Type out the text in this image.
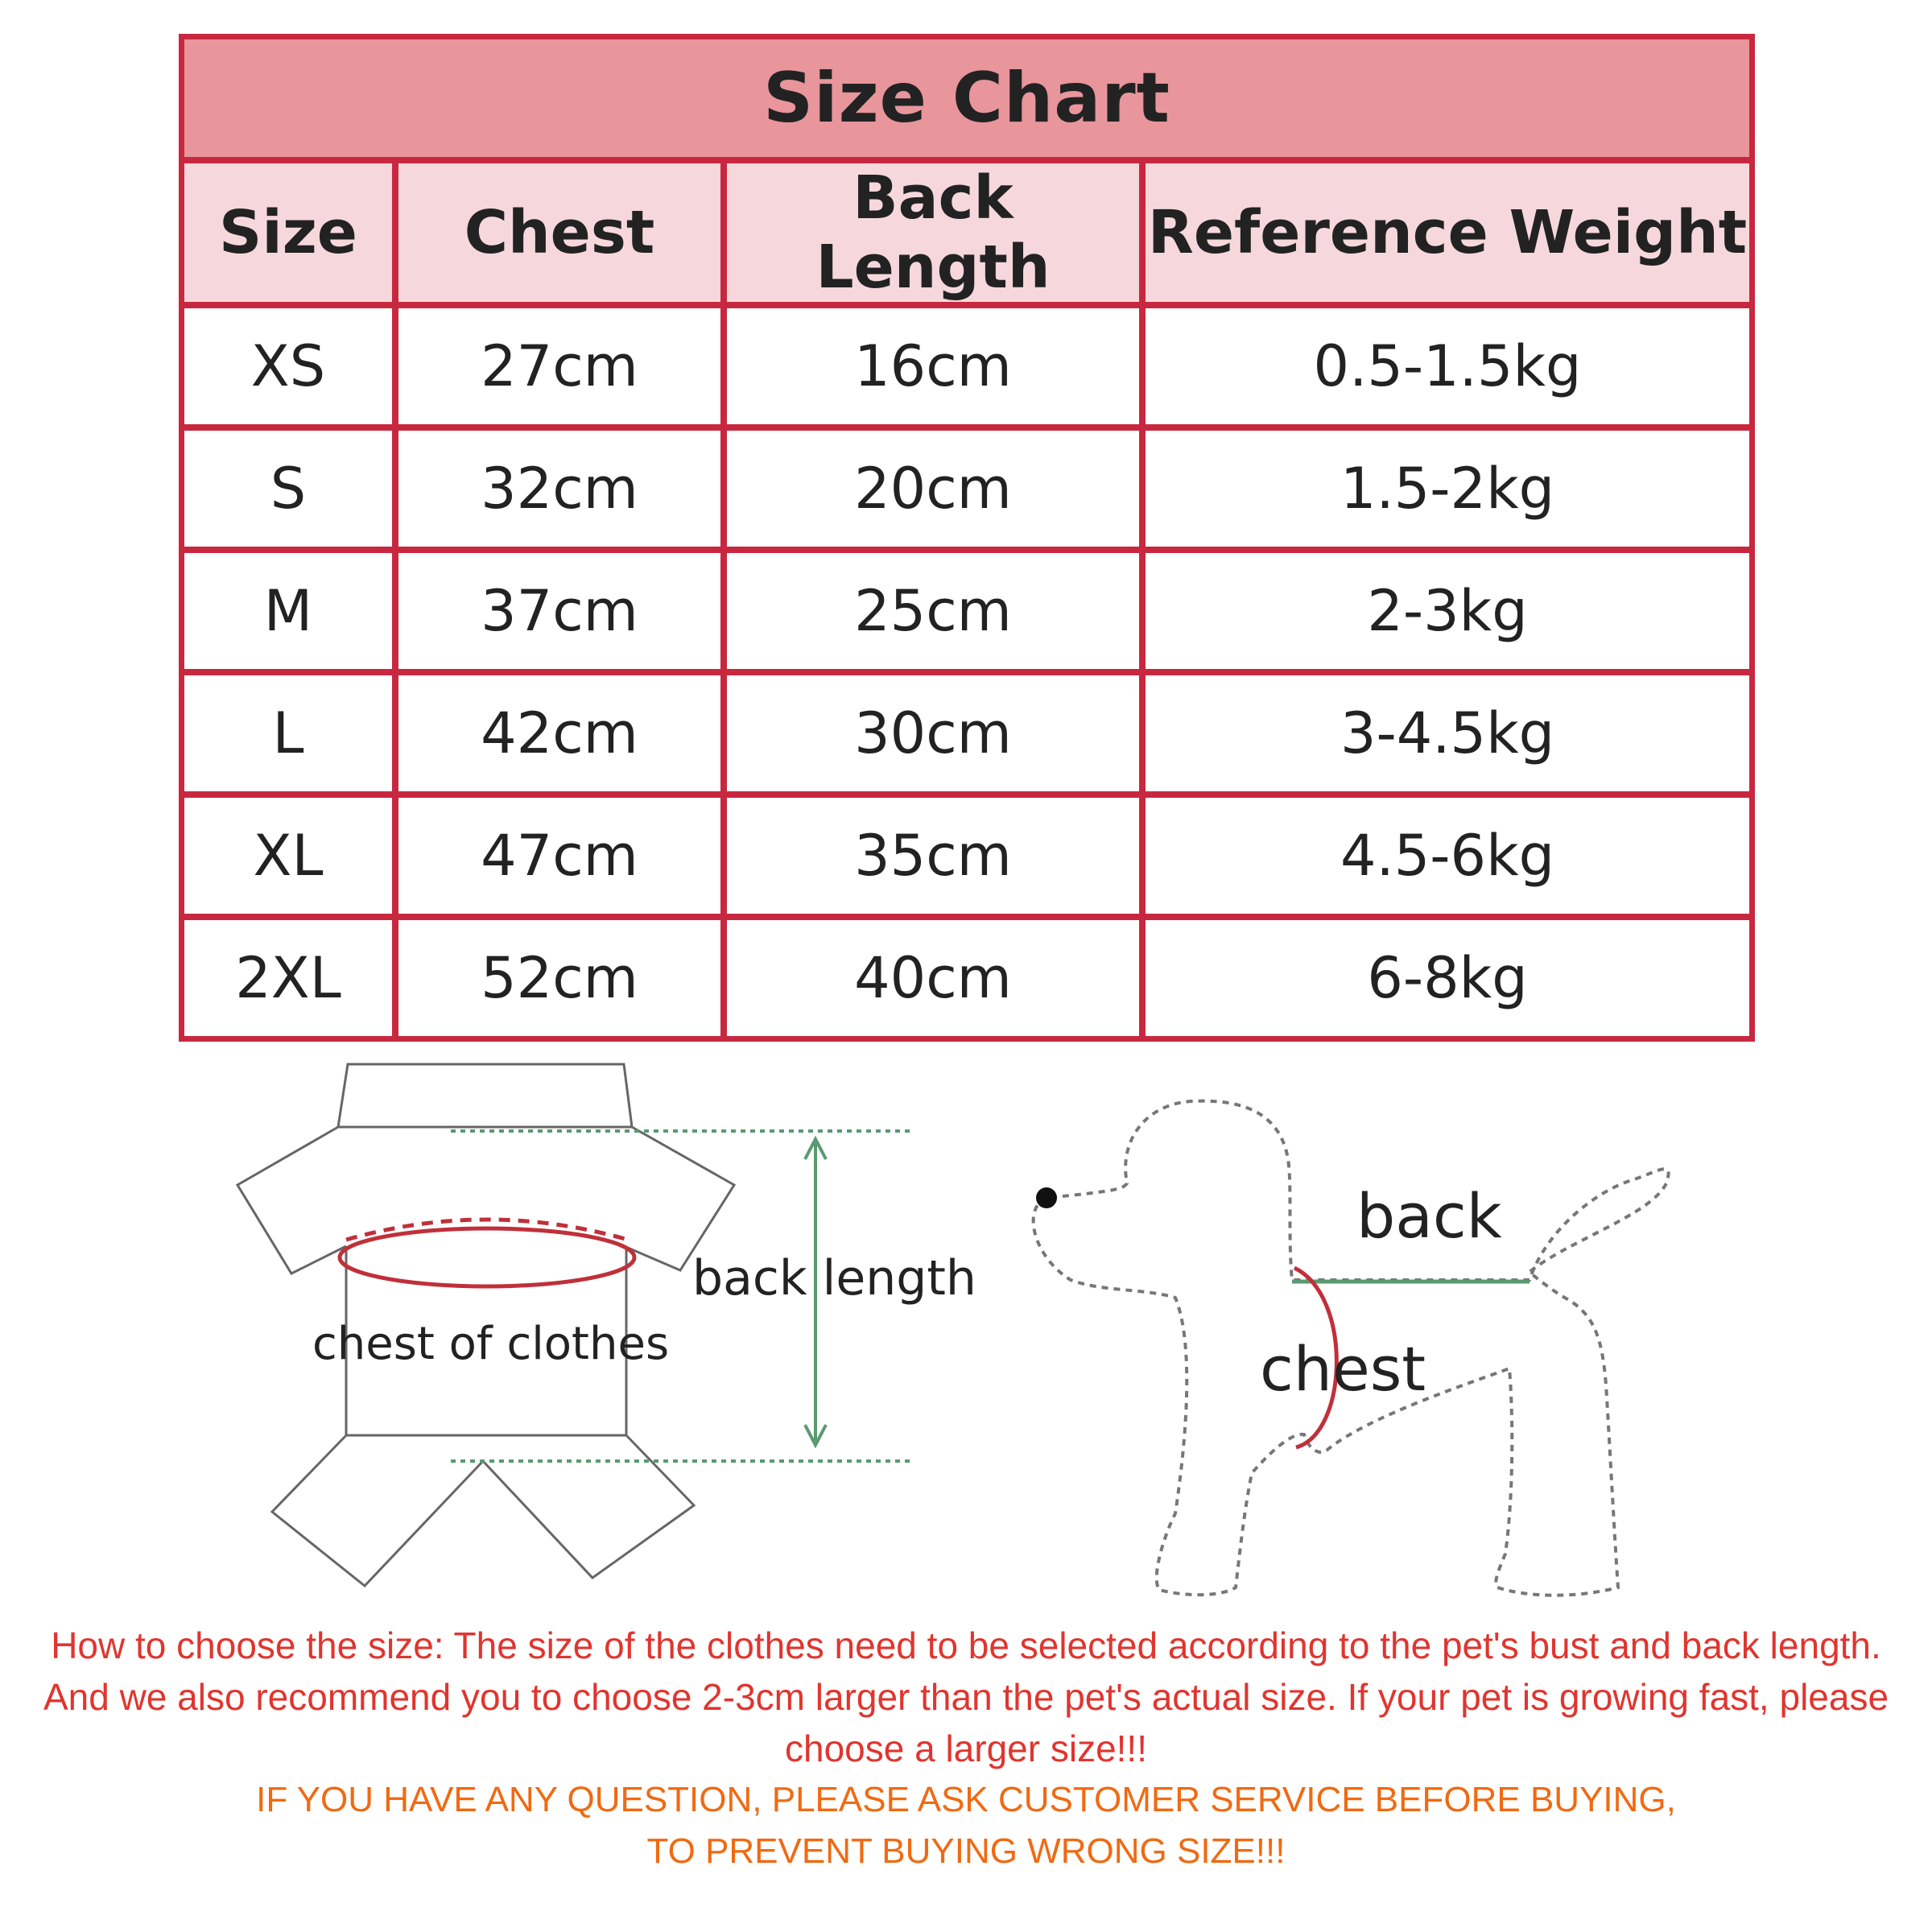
Size Chart			
Size	Chest	Back Length	Reference Weight
XS	27cm	16cm	0.5-1.5kg
S	32cm	20cm	1.5-2kg
M	37cm	25cm	2-3kg
L	42cm	30cm	3-4.5kg
XL	47cm	35cm	4.5-6kg
2XL	52cm	40cm	6-8kg
chest of clothes
back length
back
chest

How to choose the size: The size of the clothes need to be selected according to the pet's bust and back length. And we also recommend you to choose 2-3cm larger than the pet's actual size. If your pet is growing fast, please choose a larger size!!!

IF YOU HAVE ANY QUESTION, PLEASE ASK CUSTOMER SERVICE BEFORE BUYING,

TO PREVENT BUYING WRONG SIZE!!!
